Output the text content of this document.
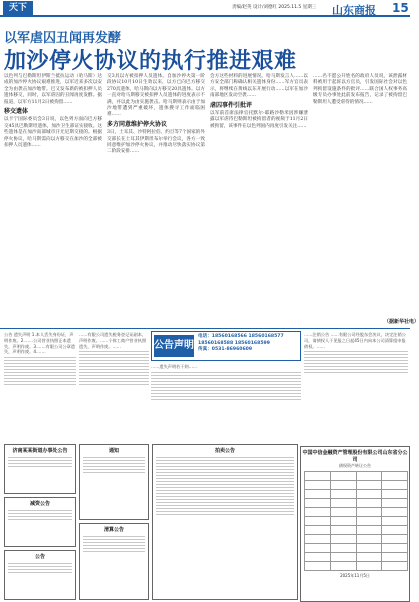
天下	责编/赵英 设计/刘德红 2025.11.5 星期三 山东商报 15
以军虐囚丑闻再发酵
加沙停火协议的执行推进艰难
以色列与巴勒斯坦伊斯兰抵抗运动（哈马斯）达成的加沙停火协议艰难推进，以军近来多次以安全为由袭击加沙地带。巴又发布新的被扣押人员遗体移交，同时，以军虐囚的丑闻再度发酵。据报道，以军方11月2日被拘留……
移交遗体
以卡宁国际委员会3日说，以色列方面向巴方移交45具巴勒斯坦遗体，加沙卫生部证实接收。这些遗体是在加沙南部城市汗尤尼斯交接的。根据停火协议，哈马斯需向以方移交在加沙的全部被扣押人员遗体……
交3具以方被扣押人员遗体。自加沙停火第一阶段协议10月10日生效以来，以方已向巴方移交270具遗体，哈马斯向以方移交20具遗体。以方一直对哈马斯移交被扣押人员遗体的进度表示不满，并以此为由实施袭击。哈马斯则表示由于加沙地带遭到严重破坏，遗体搜寻工作面临困难……
多方同意维护停火协议
3日，土耳其、沙特阿拉伯、约旦等7个国家的外交部长在土耳其伊斯坦布尔举行会议，各方一致同意维护加沙停火协议，并推动尽快落实协议第二阶段安排……
会方这些材料的进展情况。哈马斯发言人……以方安全部门称确认相关遗体身份……军方官员表示，将继续在黄线以东开展行动……以军在加沙南部地区发动空袭……
虐囚事件引批评
以军前首席法律官托默尔-耶路沙勒米因涉嫌泄露以军虐待巴勒斯坦被拘留者的视频于11月2日被拘留，该事件在以色列国内再度引发关注……
……名不愿公开姓名的政府人员说，该泄露材料被用于起诉以方官员，引发国际社会对以色列拘留设施条件的批评……联合国人权事务高级专员办事处此前发布报告，记录了被拘留巴勒斯坦人遭受虐待的情况……
（据新华社电）

公告 遗失声明 1.本人丢失身份证，声明作废。2.……公司营业执照正本遗失，声明作废。3.……有限公司公章遗失，声明作废。4.……

……有限公司遗失税务登记证副本，声明作废。……个体工商户营业执照遗失，声明作废。……	公告声明
电话：18560168566 18560168577
18560168588 18560168599
传真：0531-86960609

……遗失声明若干则……

……注销公告 ……有限公司经股东会决议，决定注销公司，请债权人于见报之日起45日内向本公司清算组申报债权。……

济南某某街道办事处公告
减资公告
公告
通知
清算公告
拍卖公告	中国中信金融资产管理股份有限公司山东省分公司
债权资产转让公告

2025年11月5日
